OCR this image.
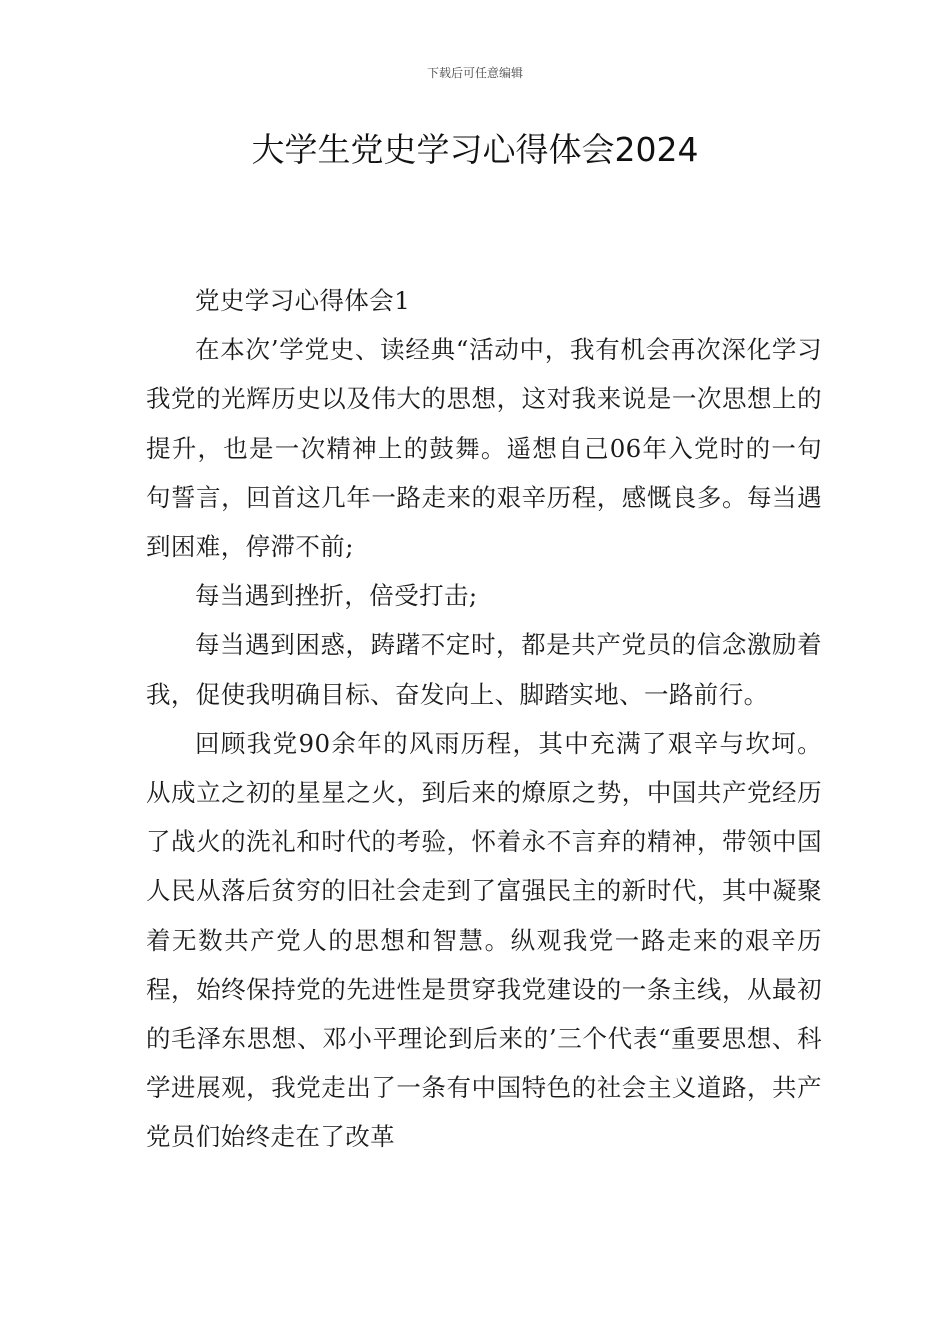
下载后可任意编辑
大学生党史学习心得体会2024

党史学习心得体会1

在本次’学党史、读经典“活动中，我有机会再次深化学习我党的光辉历史以及伟大的思想，这对我来说是一次思想上的提升，也是一次精神上的鼓舞。遥想自己06年入党时的一句句誓言，回首这几年一路走来的艰辛历程，感慨良多。每当遇到困难，停滞不前;

每当遇到挫折，倍受打击;

每当遇到困惑，踌躇不定时，都是共产党员的信念激励着我，促使我明确目标、奋发向上、脚踏实地、一路前行。

回顾我党90余年的风雨历程，其中充满了艰辛与坎坷。从成立之初的星星之火，到后来的燎原之势，中国共产党经历了战火的洗礼和时代的考验，怀着永不言弃的精神，带领中国人民从落后贫穷的旧社会走到了富强民主的新时代，其中凝聚着无数共产党人的思想和智慧。纵观我党一路走来的艰辛历程，始终保持党的先进性是贯穿我党建设的一条主线，从最初的毛泽东思想、邓小平理论到后来的’三个代表“重要思想、科学进展观，我党走出了一条有中国特色的社会主义道路，共产党员们始终走在了改革
